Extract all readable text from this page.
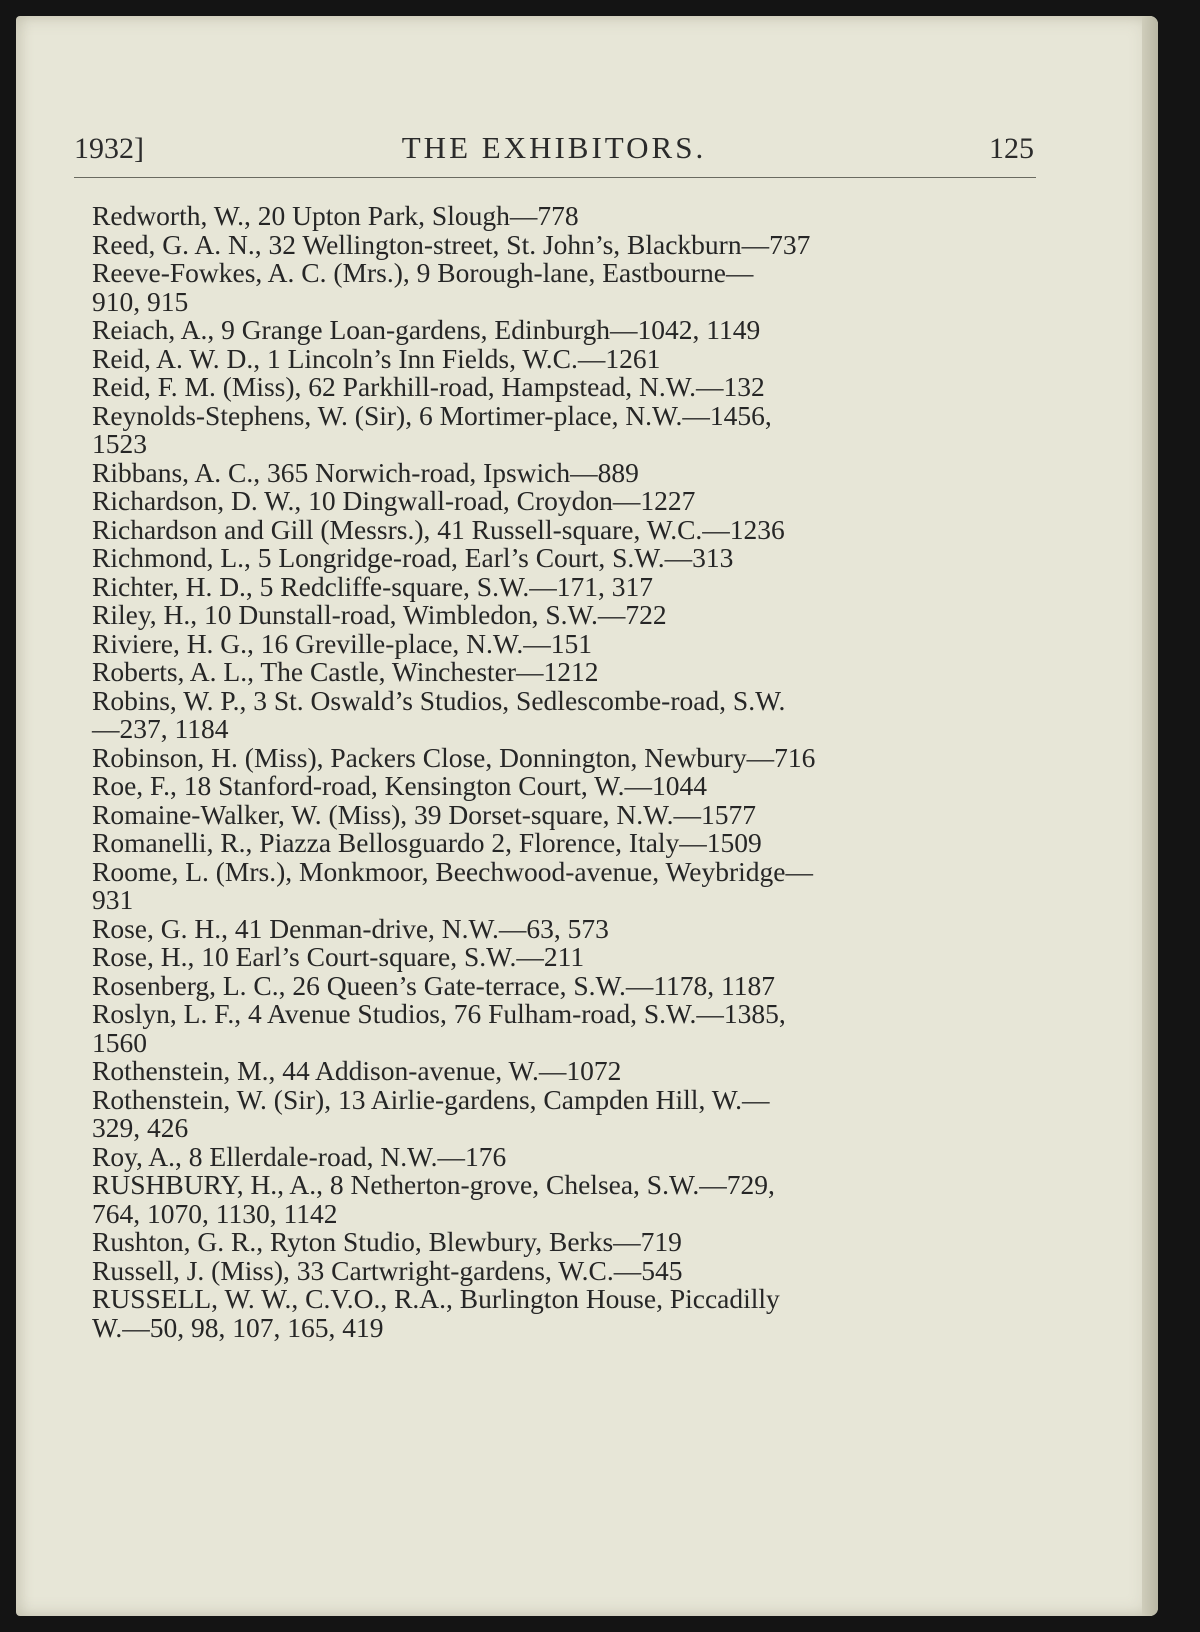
1932]	THE EXHIBITORS.	125

Redworth, W., 20 Upton Park, Slough—778

Reed, G. A. N., 32 Wellington-street, St. John’s, Blackburn—737

Reeve-Fowkes, A. C. (Mrs.), 9 Borough-lane, Eastbourne—
910, 915

Reiach, A., 9 Grange Loan-gardens, Edinburgh—1042, 1149

Reid, A. W. D., 1 Lincoln’s Inn Fields, W.C.—1261

Reid, F. M. (Miss), 62 Parkhill-road, Hampstead, N.W.—132

Reynolds-Stephens, W. (Sir), 6 Mortimer-place, N.W.—1456,
1523

Ribbans, A. C., 365 Norwich-road, Ipswich—889

Richardson, D. W., 10 Dingwall-road, Croydon—1227

Richardson and Gill (Messrs.), 41 Russell-square, W.C.—1236

Richmond, L., 5 Longridge-road, Earl’s Court, S.W.—313

Richter, H. D., 5 Redcliffe-square, S.W.—171, 317

Riley, H., 10 Dunstall-road, Wimbledon, S.W.—722

Riviere, H. G., 16 Greville-place, N.W.—151

Roberts, A. L., The Castle, Winchester—1212

Robins, W. P., 3 St. Oswald’s Studios, Sedlescombe-road, S.W.
—237, 1184

Robinson, H. (Miss), Packers Close, Donnington, Newbury—716

Roe, F., 18 Stanford-road, Kensington Court, W.—1044

Romaine-Walker, W. (Miss), 39 Dorset-square, N.W.—1577

Romanelli, R., Piazza Bellosguardo 2, Florence, Italy—1509

Roome, L. (Mrs.), Monkmoor, Beechwood-avenue, Weybridge—
931

Rose, G. H., 41 Denman-drive, N.W.—63, 573

Rose, H., 10 Earl’s Court-square, S.W.—211

Rosenberg, L. C., 26 Queen’s Gate-terrace, S.W.—1178, 1187

Roslyn, L. F., 4 Avenue Studios, 76 Fulham-road, S.W.—1385,
1560

Rothenstein, M., 44 Addison-avenue, W.—1072

Rothenstein, W. (Sir), 13 Airlie-gardens, Campden Hill, W.—
329, 426

Roy, A., 8 Ellerdale-road, N.W.—176

RUSHBURY, H., A., 8 Netherton-grove, Chelsea, S.W.—729,
764, 1070, 1130, 1142

Rushton, G. R., Ryton Studio, Blewbury, Berks—719

Russell, J. (Miss), 33 Cartwright-gardens, W.C.—545

RUSSELL, W. W., C.V.O., R.A., Burlington House, Piccadilly
W.—50, 98, 107, 165, 419
